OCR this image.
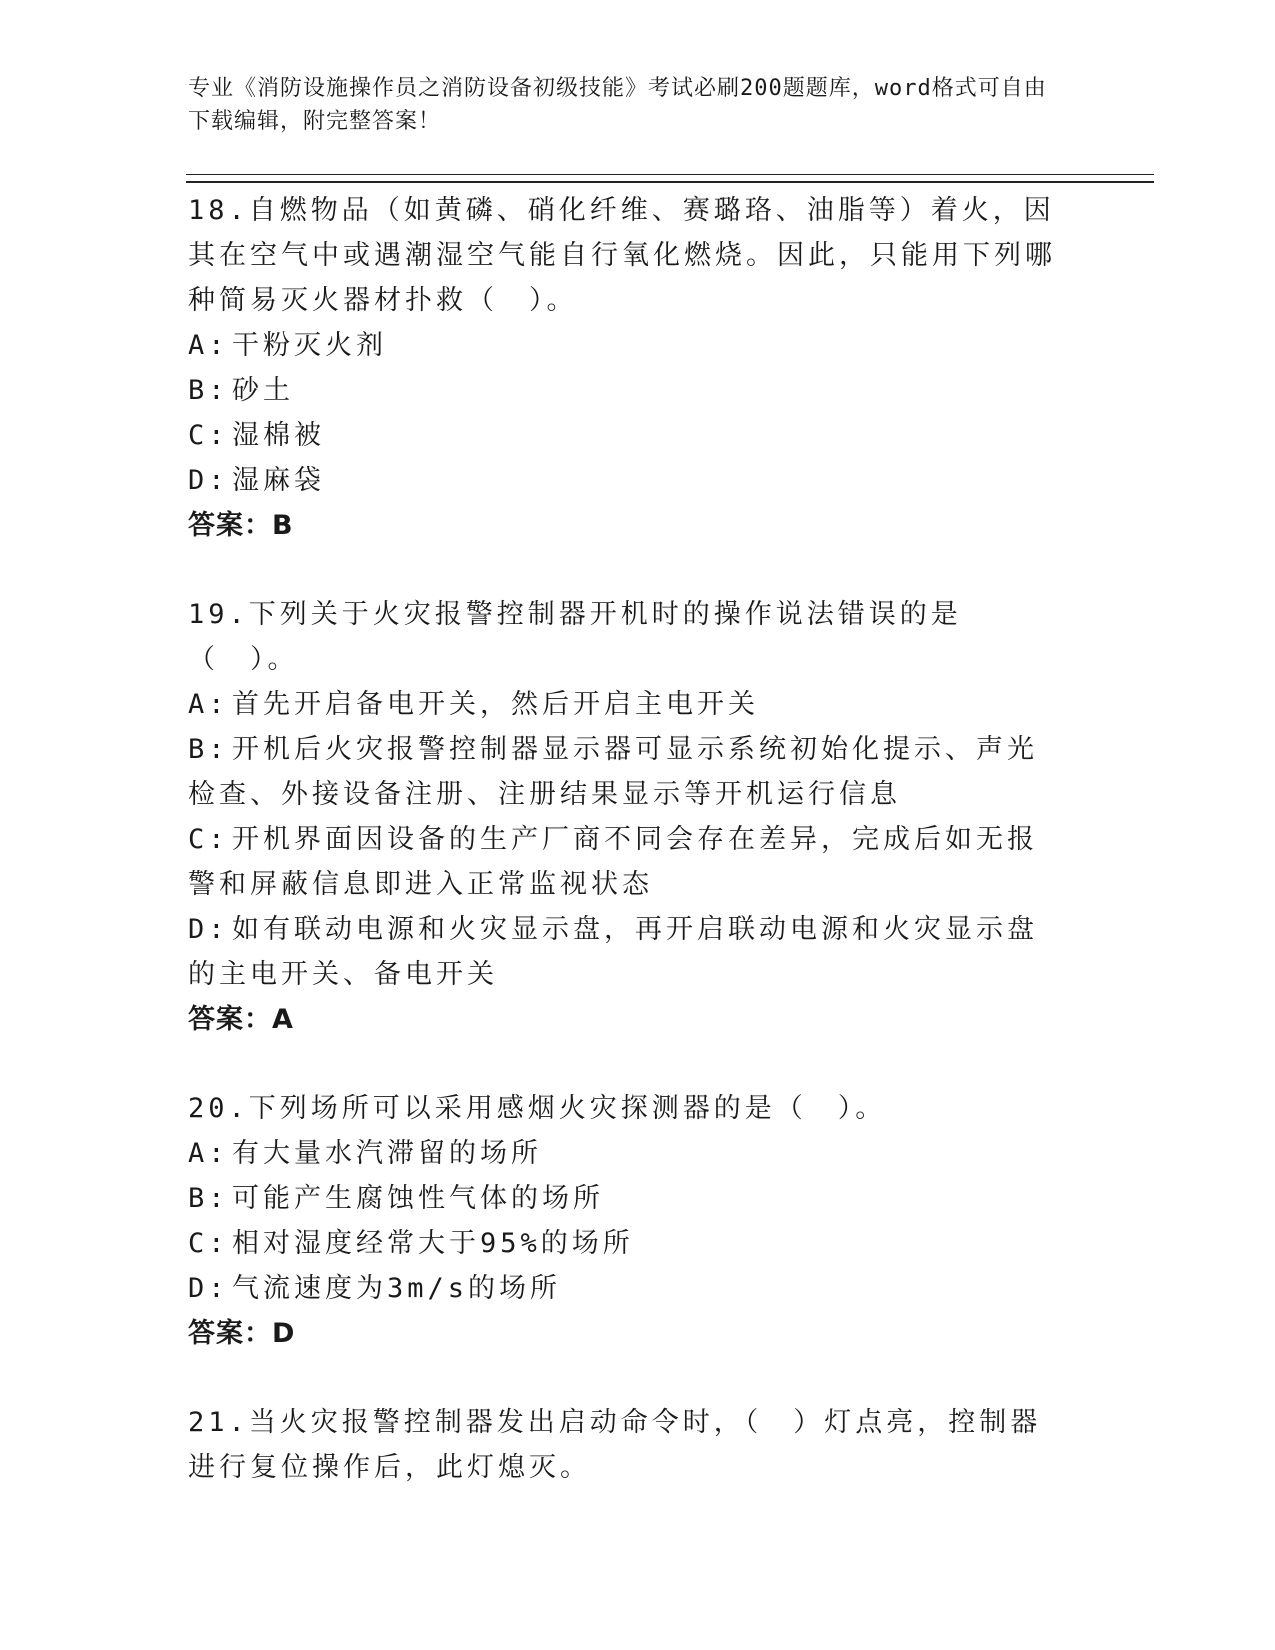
专业《消防设施操作员之消防设备初级技能》考试必刷200题题库，word格式可自由下载编辑，附完整答案！
18.自燃物品（如黄磷、硝化纤维、赛璐珞、油脂等）着火，因其在空气中或遇潮湿空气能自行氧化燃烧。因此，只能用下列哪种简易灭火器材扑救（　）。
A: 干粉灭火剂
B: 砂土
C: 湿棉被
D: 湿麻袋
答案：B
19.下列关于火灾报警控制器开机时的操作说法错误的是（　）。
A: 首先开启备电开关，然后开启主电开关
B: 开机后火灾报警控制器显示器可显示系统初始化提示、声光检查、外接设备注册、注册结果显示等开机运行信息
C: 开机界面因设备的生产厂商不同会存在差异，完成后如无报警和屏蔽信息即进入正常监视状态
D: 如有联动电源和火灾显示盘，再开启联动电源和火灾显示盘的主电开关、备电开关
答案：A
20.下列场所可以采用感烟火灾探测器的是（　）。
A: 有大量水汽滞留的场所
B: 可能产生腐蚀性气体的场所
C: 相对湿度经常大于95%的场所
D: 气流速度为3m/s的场所
答案：D
21.当火灾报警控制器发出启动命令时，（　）灯点亮，控制器进行复位操作后，此灯熄灭。
